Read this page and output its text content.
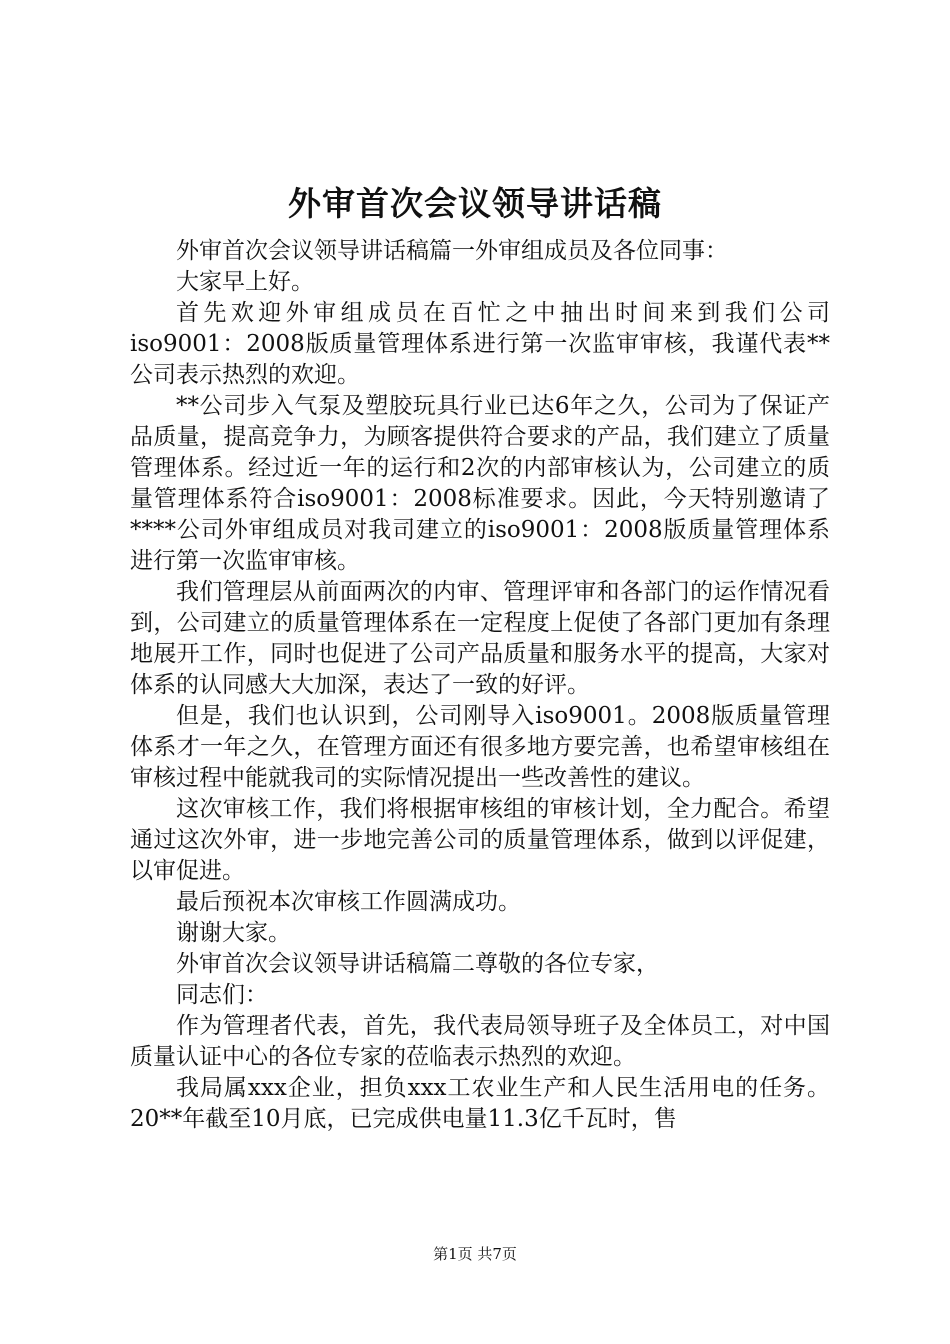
外审首次会议领导讲话稿

外审首次会议领导讲话稿篇一外审组成员及各位同事：

大家早上好。

首先欢迎外审组成员在百忙之中抽出时间来到我们公司iso9001：2008版质量管理体系进行第一次监审审核，我谨代表**公司表示热烈的欢迎。

**公司步入气泵及塑胶玩具行业已达6年之久，公司为了保证产品质量，提高竞争力，为顾客提供符合要求的产品，我们建立了质量管理体系。经过近一年的运行和2次的内部审核认为，公司建立的质量管理体系符合iso9001：2008标准要求。因此，今天特别邀请了****公司外审组成员对我司建立的iso9001：2008版质量管理体系进行第一次监审审核。

我们管理层从前面两次的内审、管理评审和各部门的运作情况看到，公司建立的质量管理体系在一定程度上促使了各部门更加有条理地展开工作，同时也促进了公司产品质量和服务水平的提高，大家对体系的认同感大大加深，表达了一致的好评。

但是，我们也认识到，公司刚导入iso9001。2008版质量管理体系才一年之久，在管理方面还有很多地方要完善，也希望审核组在审核过程中能就我司的实际情况提出一些改善性的建议。

这次审核工作，我们将根据审核组的审核计划，全力配合。希望通过这次外审，进一步地完善公司的质量管理体系，做到以评促建，以审促进。

最后预祝本次审核工作圆满成功。

谢谢大家。

外审首次会议领导讲话稿篇二尊敬的各位专家，

同志们：

作为管理者代表，首先，我代表局领导班子及全体员工，对中国质量认证中心的各位专家的莅临表示热烈的欢迎。

我局属xxx企业，担负xxx工农业生产和人民生活用电的任务。20**年截至10月底，已完成供电量11.3亿千瓦时，售

第1页 共7页
